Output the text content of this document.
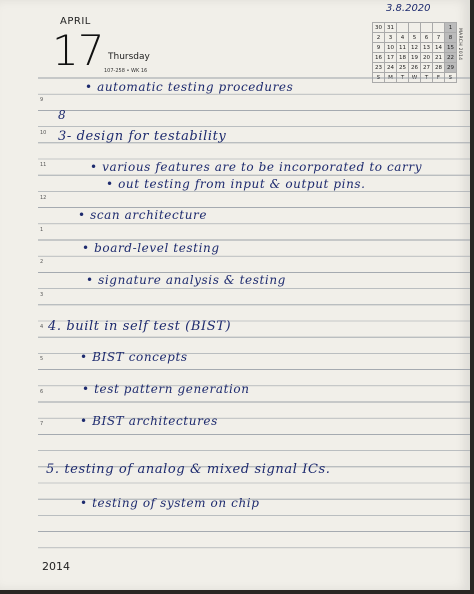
APRIL
17 Thursday
107-258 • WK 16
3.8.2020
30	31					1
2	3	4	5	6	7	8
9	10	11	12	13	14	15
16	17	18	19	20	21	22
23	24	25	26	27	28	29
S	M	T	W	T	F	S
MARCH 2014
9
10
11
12
1
2
3
4
5
6
7
• automatic testing procedures
8
3- design for testability
• various features are to be incorporated to carry
• out testing from input & output pins.
• scan architecture
• board-level testing
• signature analysis & testing
4. built in self test (BIST)
• BIST concepts
• test pattern generation
• BIST architectures
5. testing of analog & mixed signal ICs.
• testing of system on chip
2014
